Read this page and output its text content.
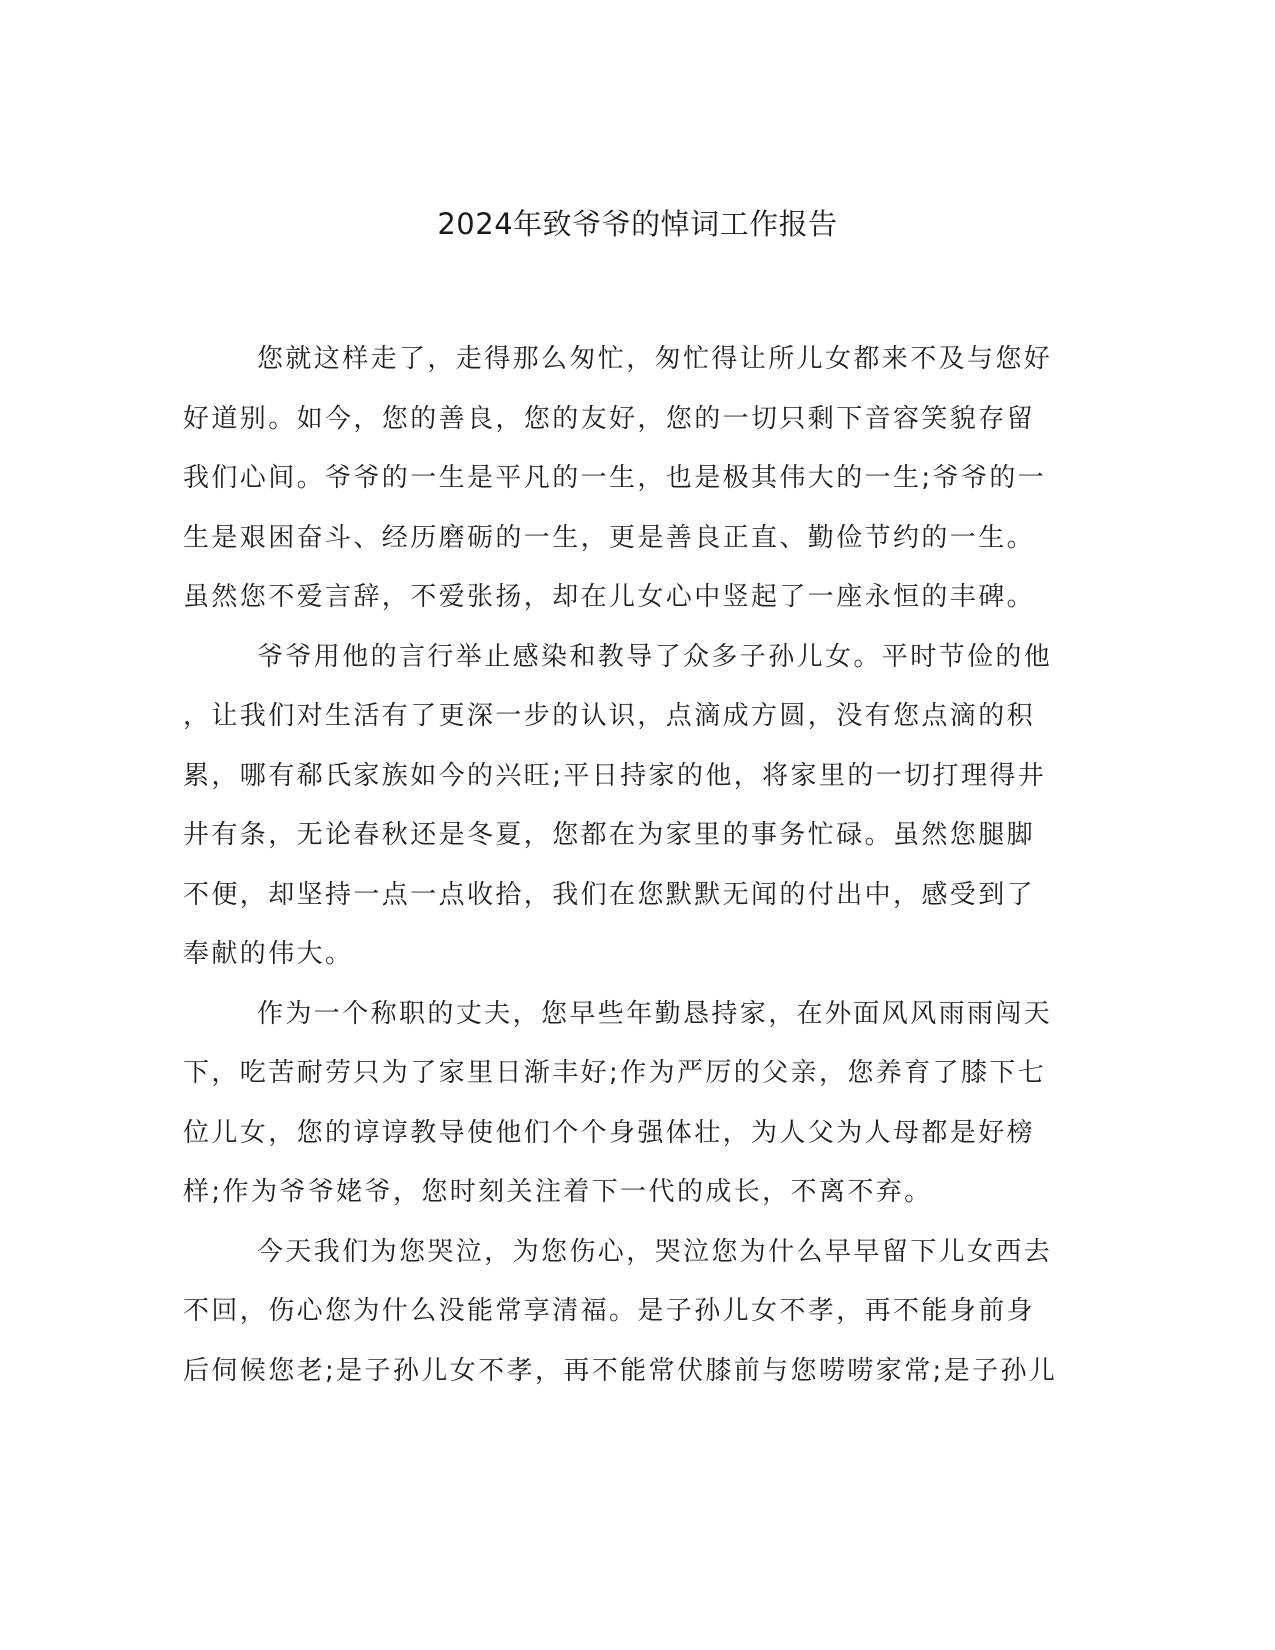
2024年致爷爷的悼词工作报告
您就这样走了，走得那么匆忙，匆忙得让所儿女都来不及与您好
好道别。如今，您的善良，您的友好，您的一切只剩下音容笑貌存留
我们心间。爷爷的一生是平凡的一生，也是极其伟大的一生;爷爷的一
生是艰困奋斗、经历磨砺的一生，更是善良正直、勤俭节约的一生。
虽然您不爱言辞，不爱张扬，却在儿女心中竖起了一座永恒的丰碑。
爷爷用他的言行举止感染和教导了众多子孙儿女。平时节俭的他
，让我们对生活有了更深一步的认识，点滴成方圆，没有您点滴的积
累，哪有郗氏家族如今的兴旺;平日持家的他，将家里的一切打理得井
井有条，无论春秋还是冬夏，您都在为家里的事务忙碌。虽然您腿脚
不便，却坚持一点一点收拾，我们在您默默无闻的付出中，感受到了
奉献的伟大。
作为一个称职的丈夫，您早些年勤恳持家，在外面风风雨雨闯天
下，吃苦耐劳只为了家里日渐丰好;作为严厉的父亲，您养育了膝下七
位儿女，您的谆谆教导使他们个个身强体壮，为人父为人母都是好榜
样;作为爷爷姥爷，您时刻关注着下一代的成长，不离不弃。
今天我们为您哭泣，为您伤心，哭泣您为什么早早留下儿女西去
不回，伤心您为什么没能常享清福。是子孙儿女不孝，再不能身前身
后伺候您老;是子孙儿女不孝，再不能常伏膝前与您唠唠家常;是子孙儿
